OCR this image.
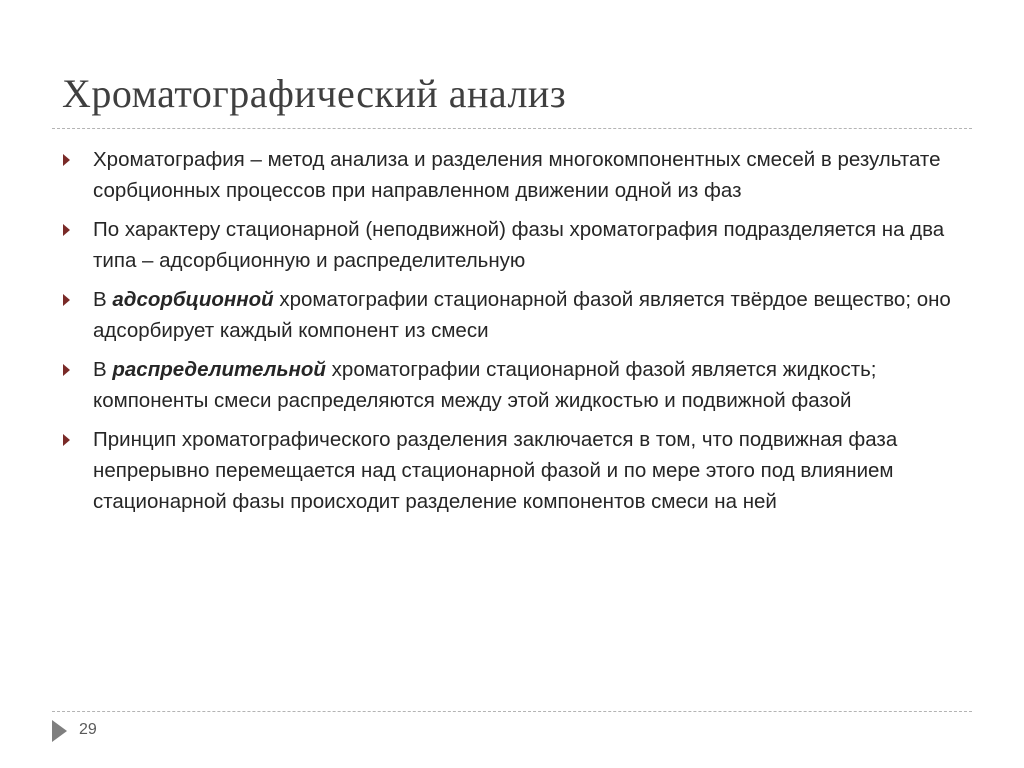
Хроматографический анализ
Хроматография – метод анализа и разделения многокомпонентных смесей в результате сорбционных процессов при направленном движении одной из фаз
По характеру стационарной (неподвижной) фазы хроматография подразделяется на два типа – адсорбционную и распределительную
В адсорбционной хроматографии стационарной фазой является твёрдое вещество; оно адсорбирует каждый компонент из смеси
В распределительной хроматографии стационарной фазой является жидкость; компоненты смеси распределяются между этой жидкостью и подвижной фазой
Принцип хроматографического разделения заключается в том, что подвижная фаза непрерывно перемещается над стационарной фазой и по мере этого под влиянием стационарной фазы происходит разделение компонентов смеси на ней
29
